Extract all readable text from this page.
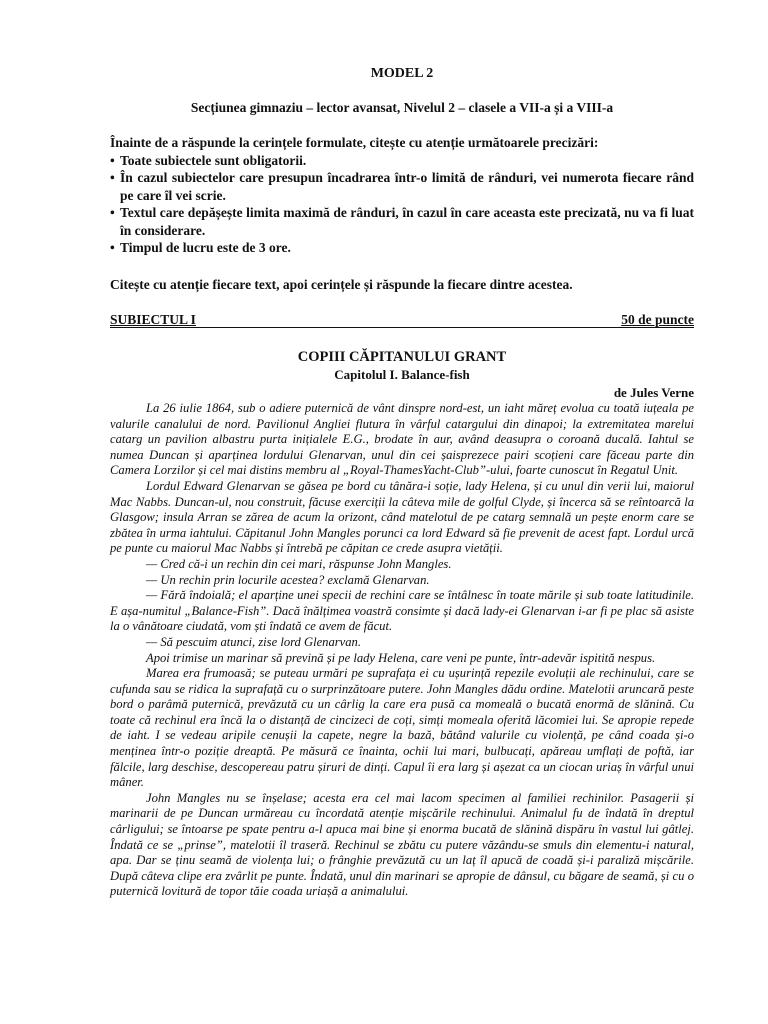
MODEL 2

Secțiunea gimnaziu – lector avansat, Nivelul 2 – clasele a VII-a și a VIII-a

Înainte de a răspunde la cerințele formulate, citește cu atenție următoarele precizări:

• Toate subiectele sunt obligatorii.
• În cazul subiectelor care presupun încadrarea într-o limită de rânduri, vei numerota fiecare rând pe care îl vei scrie.
• Textul care depășește limita maximă de rânduri, în cazul în care aceasta este precizată, nu va fi luat în considerare.
• Timpul de lucru este de 3 ore.

Citește cu atenție fiecare text, apoi cerințele și răspunde la fiecare dintre acestea.

SUBIECTUL I	50 de puncte

COPIII CĂPITANULUI GRANT

Capitolul I. Balance-fish

de Jules Verne

La 26 iulie 1864, sub o adiere puternică de vânt dinspre nord-est, un iaht măreț evolua cu toată iuțeala pe valurile canalului de nord. Pavilionul Angliei flutura în vârful catargului din dinapoi; la extremitatea marelui catarg un pavilion albastru purta inițialele E.G., brodate în aur, având deasupra o coroană ducală. Iahtul se numea Duncan și aparținea lordului Glenarvan, unul din cei șaisprezece pairi scoțieni care făceau parte din Camera Lorzilor și cel mai distins membru al „Royal-ThamesYacht-Club”-ului, foarte cunoscut în Regatul Unit.

Lordul Edward Glenarvan se găsea pe bord cu tânăra-i soție, lady Helena, și cu unul din verii lui, maiorul Mac Nabbs. Duncan-ul, nou construit, făcuse exerciții la câteva mile de golful Clyde, și încerca să se reîntoarcă la Glasgow; insula Arran se zărea de acum la orizont, când matelotul de pe catarg semnală un pește enorm care se zbătea în urma iahtului. Căpitanul John Mangles porunci ca lord Edward să fie prevenit de acest fapt. Lordul urcă pe punte cu maiorul Mac Nabbs și întrebă pe căpitan ce crede asupra vietății.

— Cred că-i un rechin din cei mari, răspunse John Mangles.

— Un rechin prin locurile acestea? exclamă Glenarvan.

— Fără îndoială; el aparține unei specii de rechini care se întâlnesc în toate mările și sub toate latitudinile. E așa-numitul „Balance-Fish”. Dacă înălțimea voastră consimte și dacă lady-ei Glenarvan i-ar fi pe plac să asiste la o vânătoare ciudată, vom ști îndată ce avem de făcut.

— Să pescuim atunci, zise lord Glenarvan.

Apoi trimise un marinar să prevină și pe lady Helena, care veni pe punte, într-adevăr ispitită nespus.

Marea era frumoasă; se puteau urmări pe suprafața ei cu ușurință repezile evoluții ale rechinului, care se cufunda sau se ridica la suprafață cu o surprinzătoare putere. John Mangles dădu ordine. Matelotii aruncară peste bord o parâmă puternică, prevăzută cu un cârlig la care era pusă ca momeală o bucată enormă de slănină. Cu toate că rechinul era încă la o distanță de cincizeci de coți, simți momeala oferită lăcomiei lui. Se apropie repede de iaht. I se vedeau aripile cenușii la capete, negre la bază, bătând valurile cu violență, pe când coada și-o menținea într-o poziție dreaptă. Pe măsură ce înainta, ochii lui mari, bulbucați, apăreau umflați de poftă, iar fălcile, larg deschise, descopereau patru șiruri de dinți. Capul îi era larg și așezat ca un ciocan uriaș în vârful unui mâner.

John Mangles nu se înșelase; acesta era cel mai lacom specimen al familiei rechinilor. Pasagerii și marinarii de pe Duncan urmăreau cu încordată atenție mișcările rechinului. Animalul fu de îndată în dreptul cârligului; se întoarse pe spate pentru a-l apuca mai bine și enorma bucată de slănină dispăru în vastul lui gâtlej. Îndată ce se „prinse”, matelotii îl traseră. Rechinul se zbătu cu putere văzându-se smuls din elementu-i natural, apa. Dar se ținu seamă de violența lui; o frânghie prevăzută cu un laț îl apucă de coadă și-i paraliză mișcările. După câteva clipe era zvârlit pe punte. Îndată, unul din marinari se apropie de dânsul, cu băgare de seamă, și cu o puternică lovitură de topor tăie coada uriașă a animalului.
